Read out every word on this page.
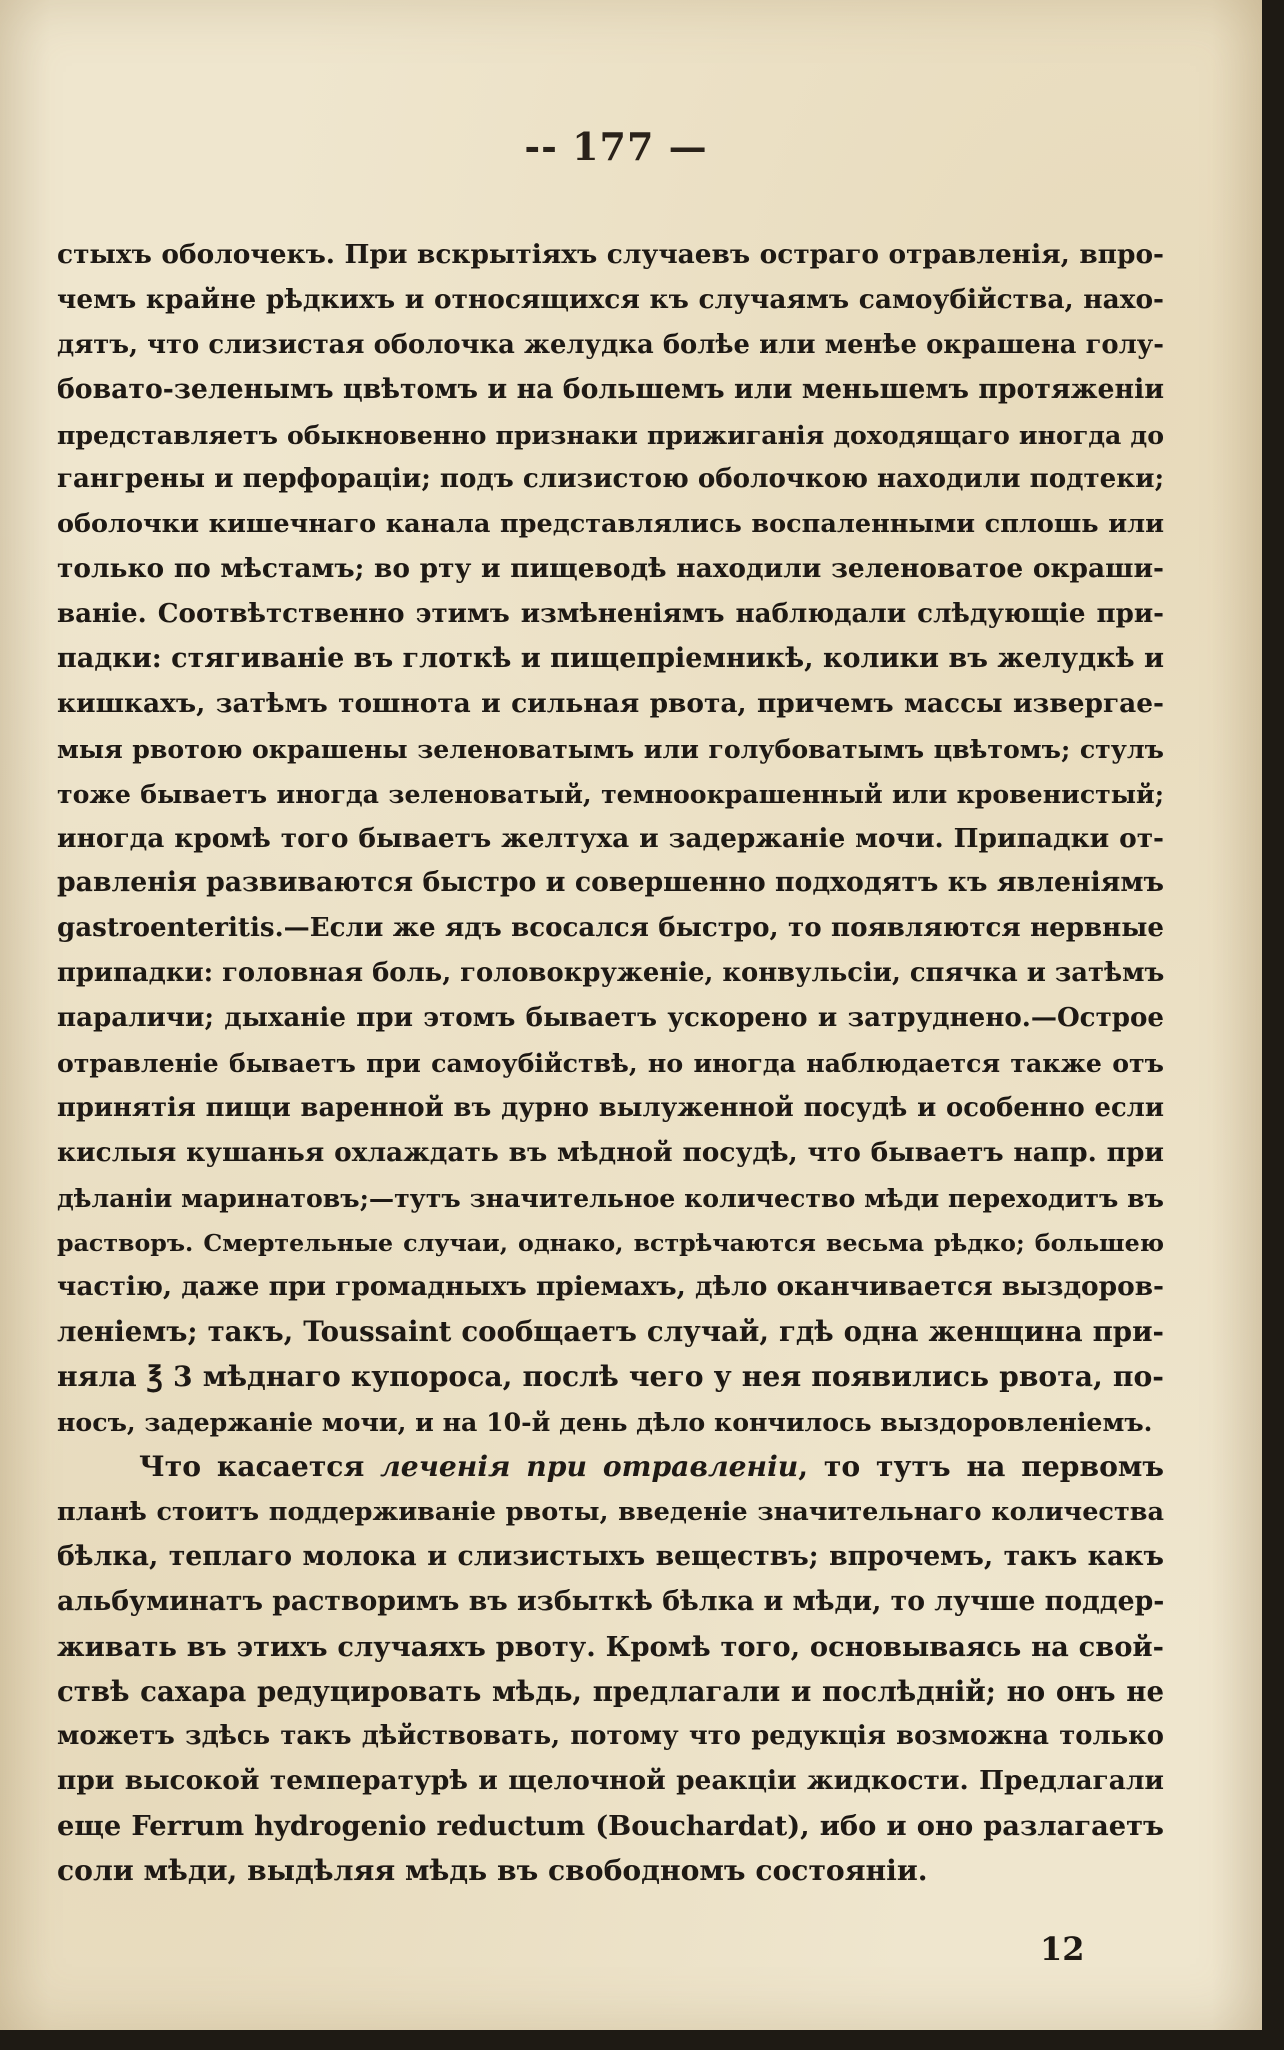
-- 177 —
стыхъ оболочекъ. При вскрытіяхъ случаевъ остраго отравленія, впро-
чемъ крайне рѣдкихъ и относящихся къ случаямъ самоубійства, нахо-
дятъ, что слизистая оболочка желудка болѣе или менѣе окрашена голу-
бовато-зеленымъ цвѣтомъ и на большемъ или меньшемъ протяженіи
представляетъ обыкновенно признаки прижиганія доходящаго иногда до
гангрены и перфораціи; подъ слизистою оболочкою находили подтеки;
оболочки кишечнаго канала представлялись воспаленными сплошь или
только по мѣстамъ; во рту и пищеводѣ находили зеленоватое окраши-
ваніе. Соотвѣтственно этимъ измѣненіямъ наблюдали слѣдующіе при-
падки: стягиваніе въ глоткѣ и пищепріемникѣ, колики въ желудкѣ и
кишкахъ, затѣмъ тошнота и сильная рвота, причемъ массы извергае-
мыя рвотою окрашены зеленоватымъ или голубоватымъ цвѣтомъ; стулъ
тоже бываетъ иногда зеленоватый, темноокрашенный или кровенистый;
иногда кромѣ того бываетъ желтуха и задержаніе мочи. Припадки от-
равленія развиваются быстро и совершенно подходятъ къ явленіямъ
gastroenteritis.—Если же ядъ всосался быстро, то появляются нервные
припадки: головная боль, головокруженіе, конвульсіи, спячка и затѣмъ
параличи; дыханіе при этомъ бываетъ ускорено и затруднено.—Острое
отравленіе бываетъ при самоубійствѣ, но иногда наблюдается также отъ
принятія пищи варенной въ дурно вылуженной посудѣ и особенно если
кислыя кушанья охлаждать въ мѣдной посудѣ, что бываетъ напр. при
дѣланіи маринатовъ;—тутъ значительное количество мѣди переходитъ въ
растворъ. Смертельные случаи, однако, встрѣчаются весьма рѣдко; большею
частію, даже при громадныхъ пріемахъ, дѣло оканчивается выздоров-
леніемъ; такъ, Toussaint сообщаетъ случай, гдѣ одна женщина при-
няла ℥ 3 мѣднаго купороса, послѣ чего у нея появились рвота, по-
носъ, задержаніе мочи, и на 10-й день дѣло кончилось выздоровленіемъ.
Что касается леченія при отравленіи, то тутъ на первомъ
планѣ стоитъ поддерживаніе рвоты, введеніе значительнаго количества
бѣлка, теплаго молока и слизистыхъ веществъ; впрочемъ, такъ какъ
альбуминатъ растворимъ въ избыткѣ бѣлка и мѣди, то лучше поддер-
живать въ этихъ случаяхъ рвоту. Кромѣ того, основываясь на свой-
ствѣ сахара редуцировать мѣдь, предлагали и послѣдній; но онъ не
можетъ здѣсь такъ дѣйствовать, потому что редукція возможна только
при высокой температурѣ и щелочной реакціи жидкости. Предлагали
еще Ferrum hydrogenio reductum (Bouchardat), ибо и оно разлагаетъ
соли мѣди, выдѣляя мѣдь въ свободномъ состояніи.
12
